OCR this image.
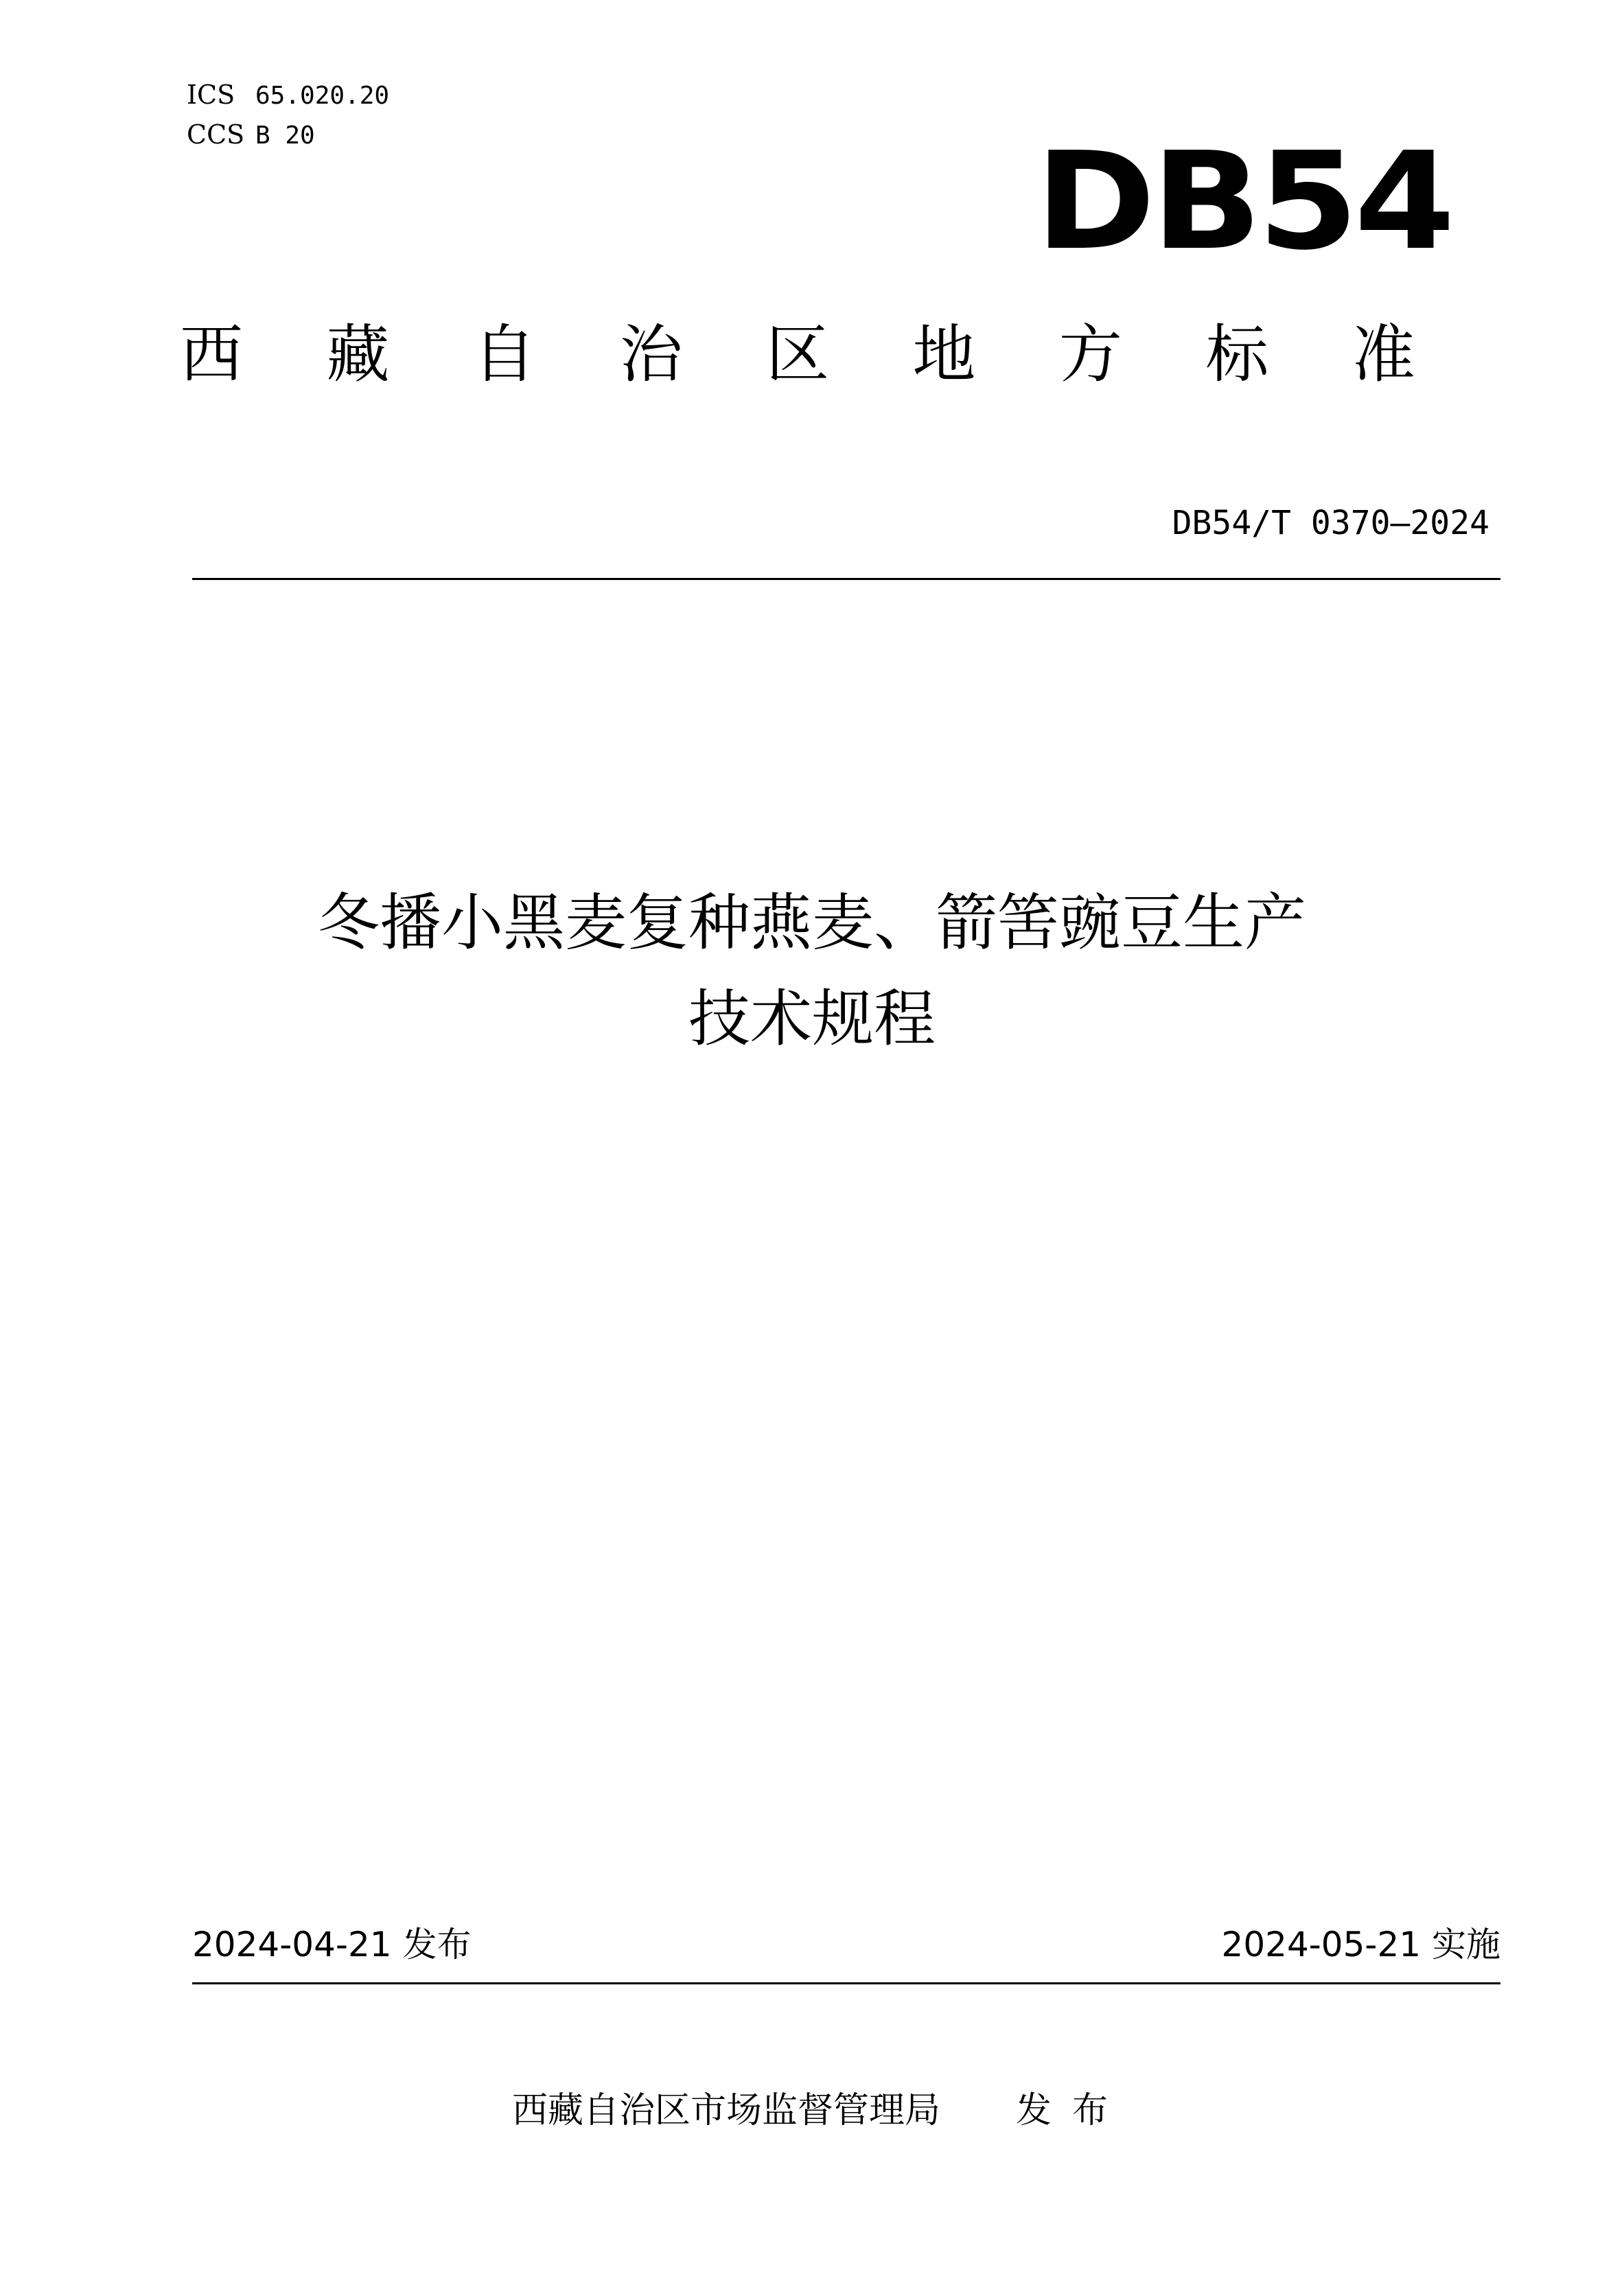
ICS 65.020.20
CCS B 20	DB54
西 藏 自 治 区 地 方 标 准
DB54/T 0370—2024
冬播小黑麦复种燕麦、箭筈豌豆生产
技术规程
2024-04-21 发布	2024-05-21 实施
西藏自治区市场监督管理局 发布
